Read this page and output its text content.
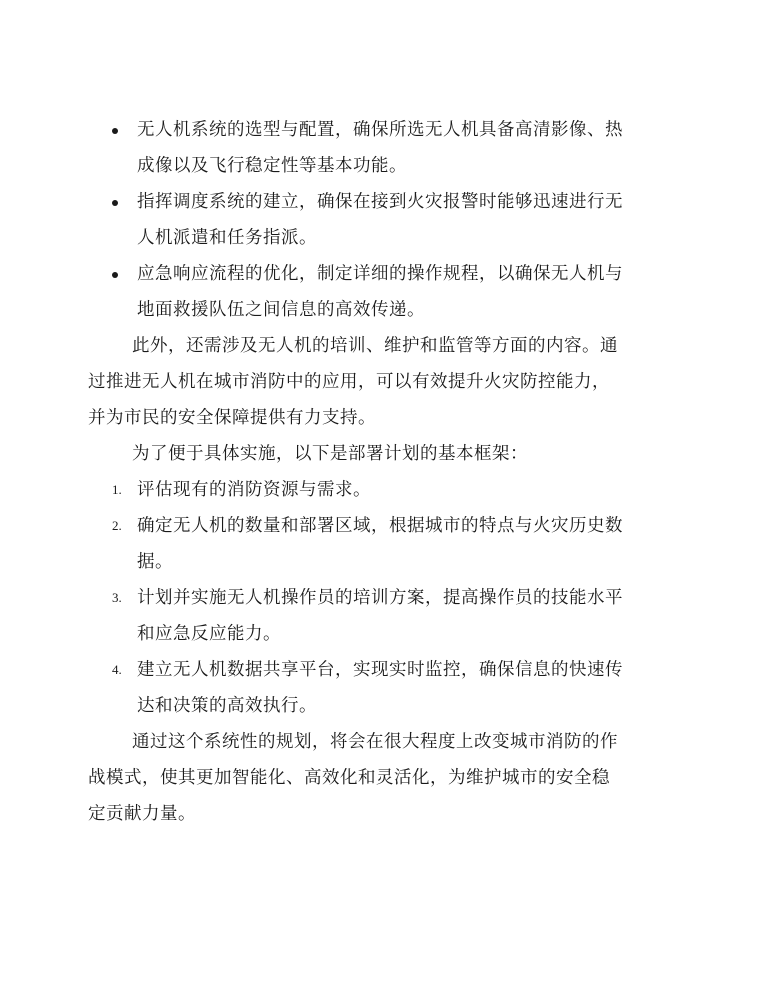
无人机系统的选型与配置，确保所选无人机具备高清影像、热
成像以及飞行稳定性等基本功能。
指挥调度系统的建立，确保在接到火灾报警时能够迅速进行无
人机派遣和任务指派。
应急响应流程的优化，制定详细的操作规程，以确保无人机与
地面救援队伍之间信息的高效传递。
此外，还需涉及无人机的培训、维护和监管等方面的内容。通
过推进无人机在城市消防中的应用，可以有效提升火灾防控能力，
并为市民的安全保障提供有力支持。
为了便于具体实施，以下是部署计划的基本框架：
1. 评估现有的消防资源与需求。
2. 确定无人机的数量和部署区域，根据城市的特点与火灾历史数
据。
3. 计划并实施无人机操作员的培训方案，提高操作员的技能水平
和应急反应能力。
4. 建立无人机数据共享平台，实现实时监控，确保信息的快速传
达和决策的高效执行。
通过这个系统性的规划，将会在很大程度上改变城市消防的作
战模式，使其更加智能化、高效化和灵活化，为维护城市的安全稳
定贡献力量。
